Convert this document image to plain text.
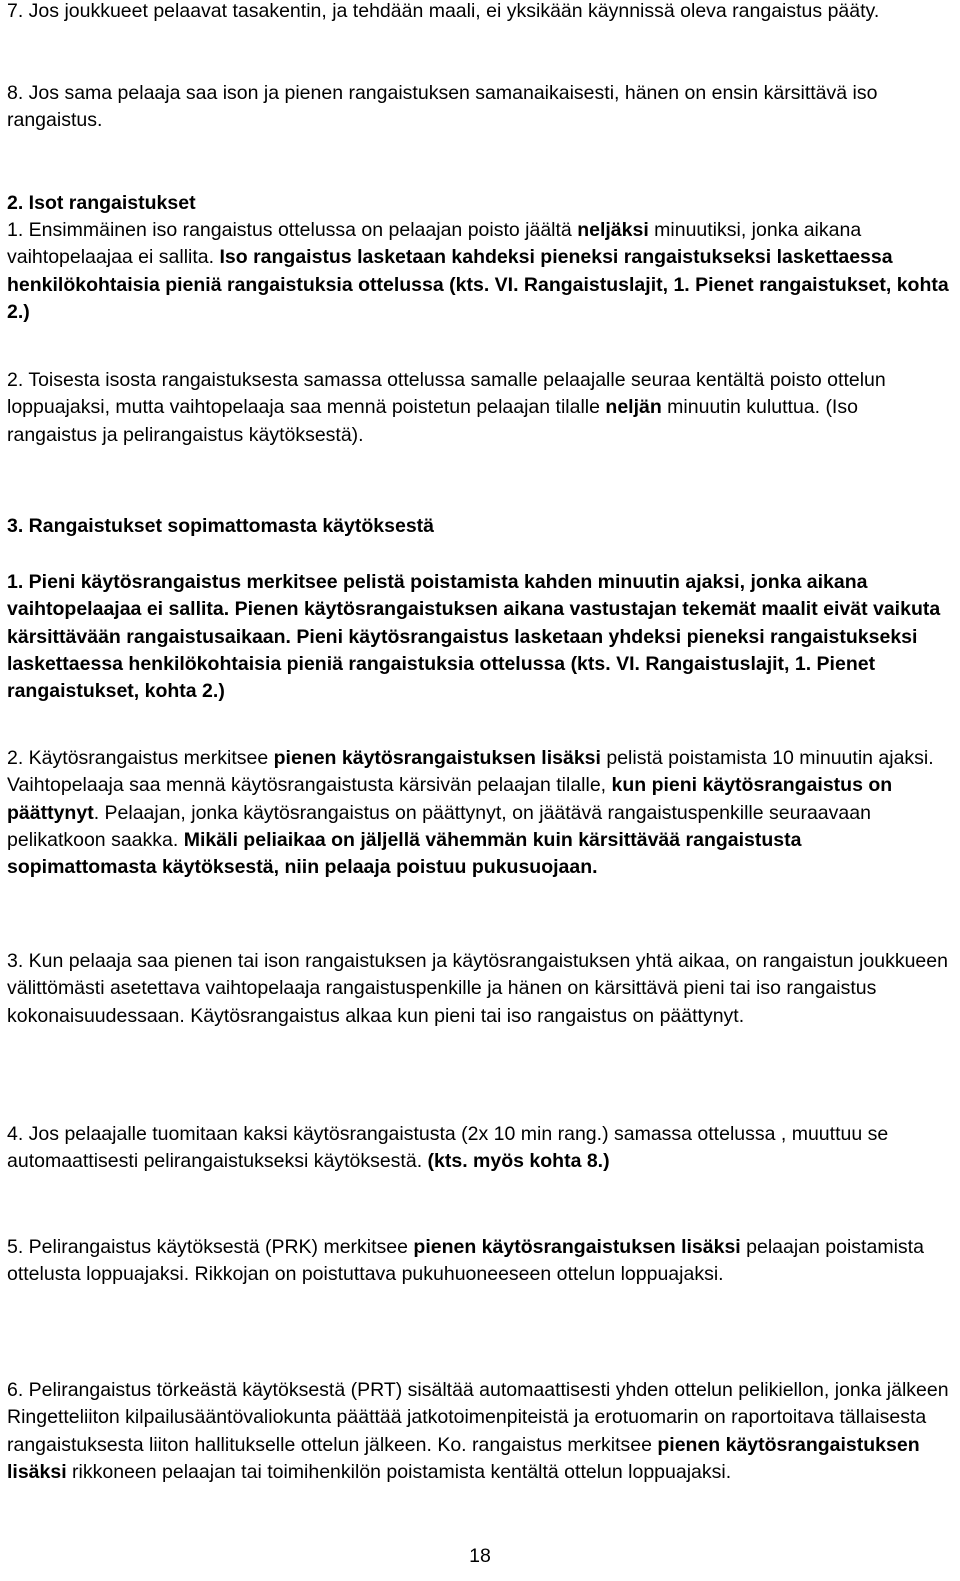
7. Jos joukkueet pelaavat tasakentin, ja tehdään maali, ei yksikään käynnissä oleva rangaistus pääty.

8. Jos sama pelaaja saa ison ja pienen rangaistuksen samanaikaisesti, hänen on ensin kärsittävä iso rangaistus.

2. Isot rangaistukset

1. Ensimmäinen iso rangaistus ottelussa on pelaajan poisto jäältä neljäksi minuutiksi, jonka aikana vaihtopelaajaa ei sallita. Iso rangaistus lasketaan kahdeksi pieneksi rangaistukseksi laskettaessa henkilökohtaisia pieniä rangaistuksia ottelussa (kts. VI. Rangaistuslajit, 1. Pienet rangaistukset, kohta 2.)

2. Toisesta isosta rangaistuksesta samassa ottelussa samalle pelaajalle seuraa kentältä poisto ottelun loppuajaksi, mutta vaihtopelaaja saa mennä poistetun pelaajan tilalle neljän minuutin kuluttua. (Iso rangaistus ja pelirangaistus käytöksestä).

3. Rangaistukset sopimattomasta käytöksestä

1. Pieni käytösrangaistus merkitsee pelistä poistamista kahden minuutin ajaksi, jonka aikana vaihtopelaajaa ei sallita. Pienen käytösrangaistuksen aikana vastustajan tekemät maalit eivät vaikuta kärsittävään rangaistusaikaan. Pieni käytösrangaistus lasketaan yhdeksi pieneksi rangaistukseksi laskettaessa henkilökohtaisia pieniä rangaistuksia ottelussa (kts. VI. Rangaistuslajit, 1. Pienet rangaistukset, kohta 2.)

2. Käytösrangaistus merkitsee pienen käytösrangaistuksen lisäksi pelistä poistamista 10 minuutin ajaksi. Vaihtopelaaja saa mennä käytösrangaistusta kärsivän pelaajan tilalle, kun pieni käytösrangaistus on päättynyt. Pelaajan, jonka käytösrangaistus on päättynyt, on jäätävä rangaistuspenkille seuraavaan pelikatkoon saakka. Mikäli peliaikaa on jäljellä vähemmän kuin kärsittävää rangaistusta sopimattomasta käytöksestä, niin pelaaja poistuu pukusuojaan.

3. Kun pelaaja saa pienen tai ison rangaistuksen ja käytösrangaistuksen yhtä aikaa, on rangaistun joukkueen välittömästi asetettava vaihtopelaaja rangaistuspenkille ja hänen on kärsittävä pieni tai iso rangaistus kokonaisuudessaan. Käytösrangaistus alkaa kun pieni tai iso rangaistus on päättynyt.

4. Jos pelaajalle tuomitaan kaksi käytösrangaistusta (2x 10 min rang.) samassa ottelussa , muuttuu se automaattisesti pelirangaistukseksi käytöksestä. (kts. myös kohta 8.)

5. Pelirangaistus käytöksestä (PRK) merkitsee pienen käytösrangaistuksen lisäksi pelaajan poistamista ottelusta loppuajaksi. Rikkojan on poistuttava pukuhuoneeseen ottelun loppuajaksi.

6. Pelirangaistus törkeästä käytöksestä (PRT) sisältää automaattisesti yhden ottelun pelikiellon, jonka jälkeen Ringetteliiton kilpailusääntövaliokunta päättää jatkotoimenpiteistä ja erotuomarin on raportoitava tällaisesta rangaistuksesta liiton hallitukselle ottelun jälkeen. Ko. rangaistus merkitsee pienen käytösrangaistuksen lisäksi rikkoneen pelaajan tai toimihenkilön poistamista kentältä ottelun loppuajaksi.

18
